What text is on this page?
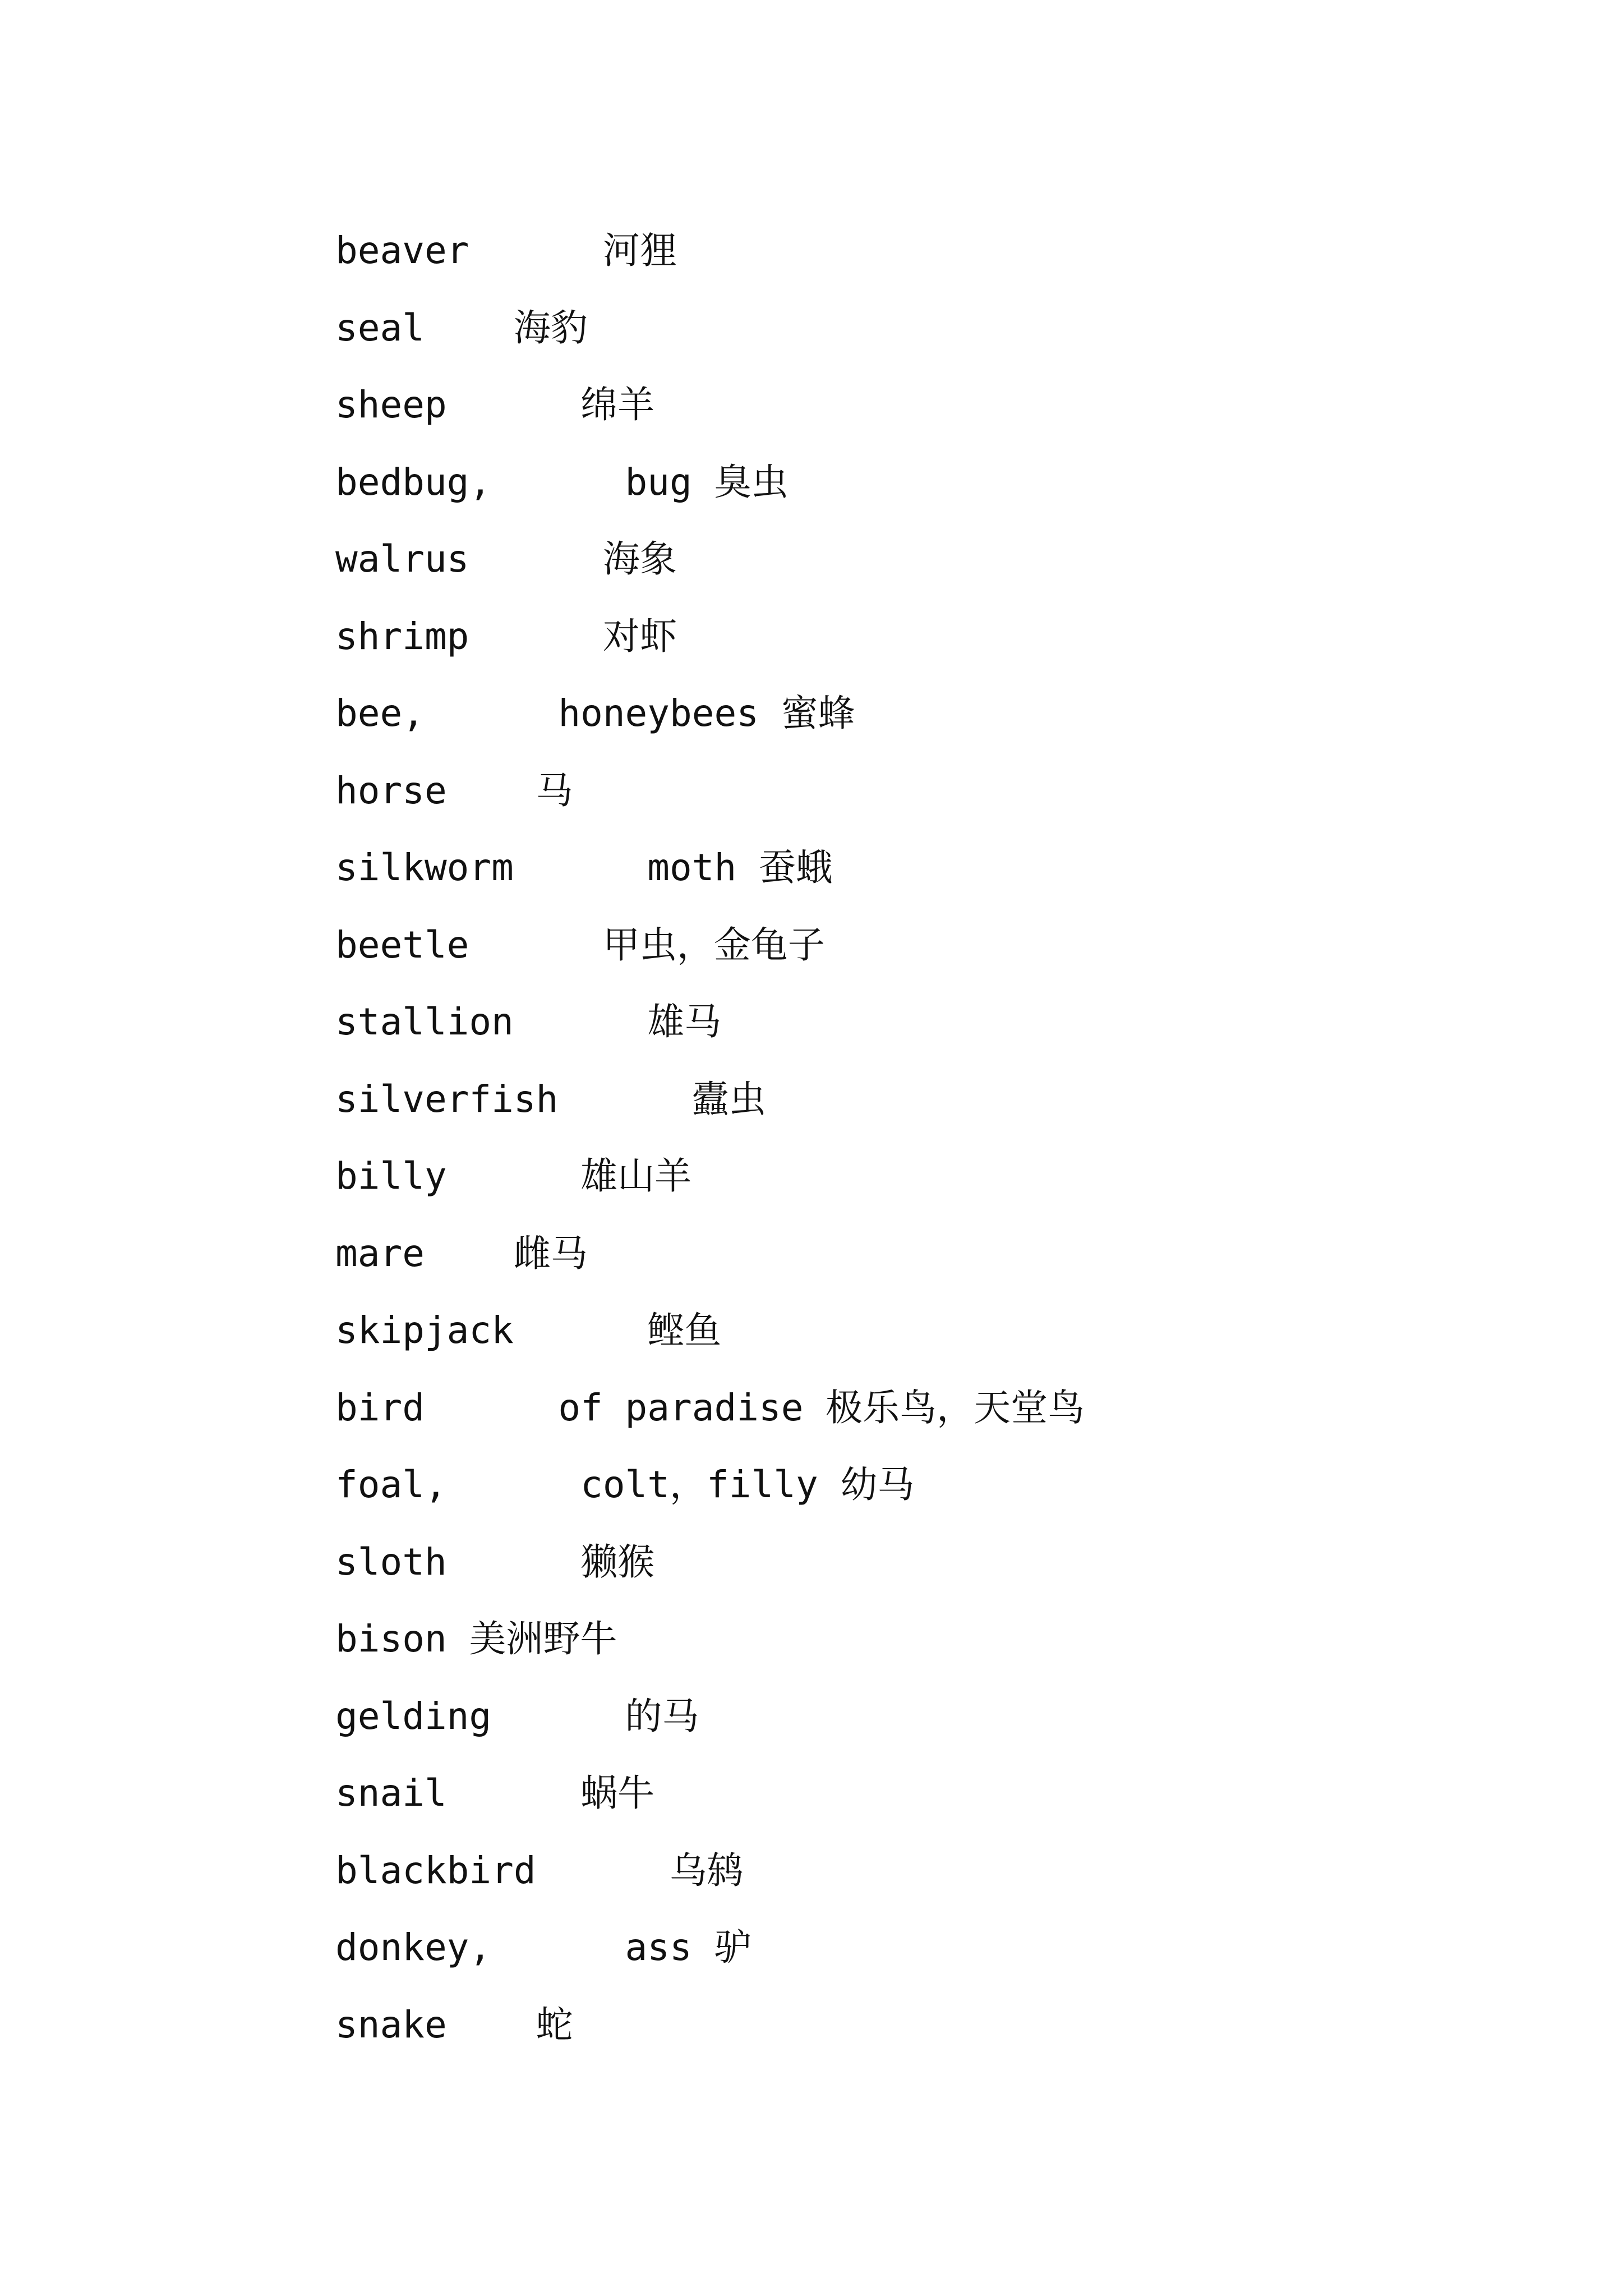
beaver      河狸
seal    海豹
sheep      绵羊
bedbug,      bug 臭虫
walrus      海象
shrimp      对虾
bee,      honeybees 蜜蜂
horse    马
silkworm      moth 蚕蛾
beetle      甲虫，金龟子
stallion      雄马
silverfish      蠹虫
billy      雄山羊
mare    雌马
skipjack      鲣鱼
bird      of paradise 极乐鸟，天堂鸟
foal,      colt，filly 幼马
sloth      獭猴
bison 美洲野牛
gelding      的马
snail      蜗牛
blackbird      乌鸫
donkey,      ass 驴
snake    蛇
